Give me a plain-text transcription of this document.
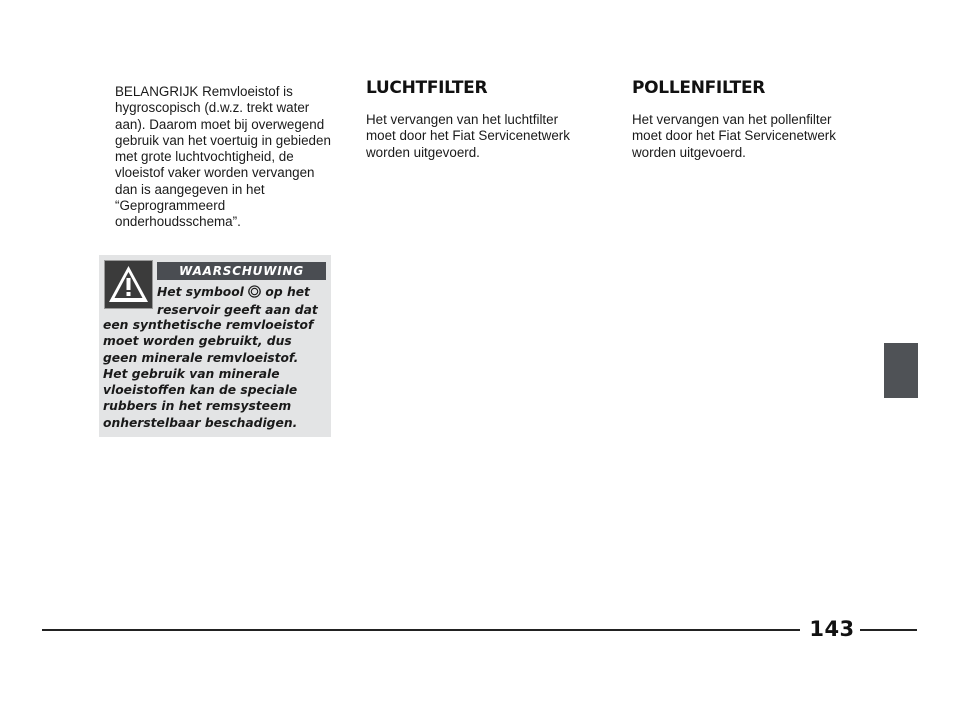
BELANGRIJK Remvloeistof is
hygroscopisch (d.w.z. trekt water
aan). Daarom moet bij overwegend
gebruik van het voertuig in gebieden
met grote luchtvochtigheid, de
vloeistof vaker worden vervangen
dan is aangegeven in het
“Geprogrammeerd
onderhoudsschema”.

WAARSCHUWING

Het symbool op het reservoir geeft aan dat

een synthetische remvloeistof
moet worden gebruikt, dus
geen minerale remvloeistof.
Het gebruik van minerale
vloeistoffen kan de speciale
rubbers in het remsysteem
onherstelbaar beschadigen.

LUCHTFILTER

Het vervangen van het luchtfilter
moet door het Fiat Servicenetwerk
worden uitgevoerd.

POLLENFILTER

Het vervangen van het pollenfilter
moet door het Fiat Servicenetwerk
worden uitgevoerd.

143
